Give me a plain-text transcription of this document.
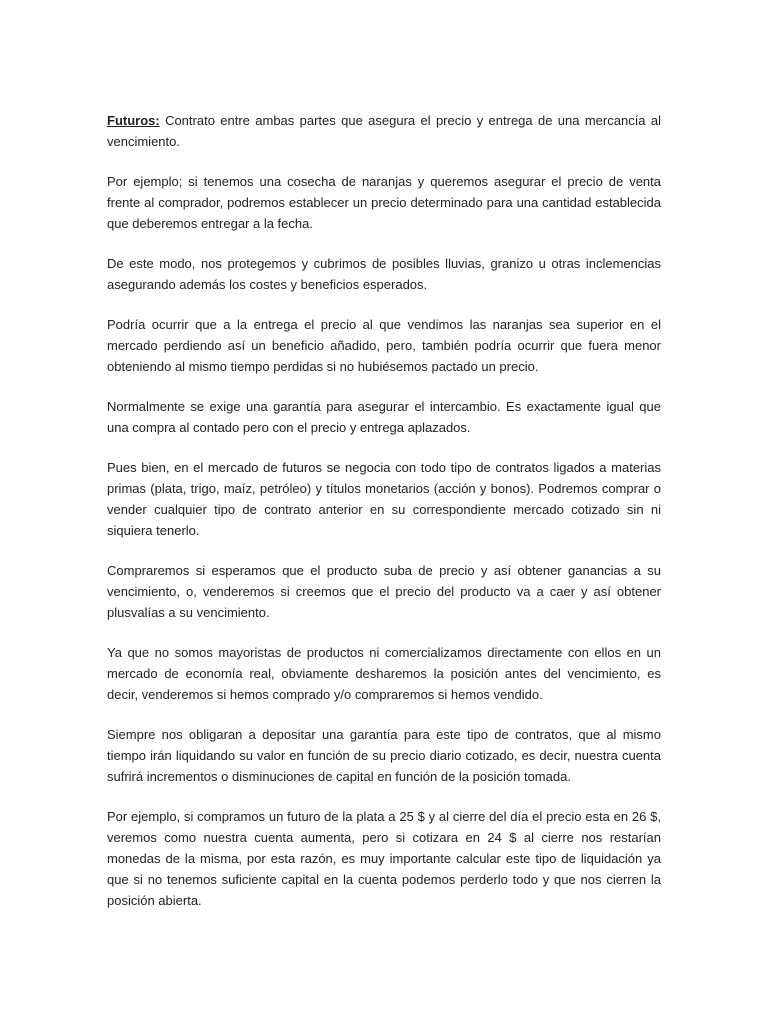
Futuros: Contrato entre ambas partes que asegura el precio y entrega de una mercancía al vencimiento.

Por ejemplo; si tenemos una cosecha de naranjas y queremos asegurar el precio de venta frente al comprador, podremos establecer un precio determinado para una cantidad establecida que deberemos entregar a la fecha.

De este modo, nos protegemos y cubrimos de posibles lluvias, granizo u otras inclemencias asegurando además los costes y beneficios esperados.

Podría ocurrir que a la entrega el precio al que vendimos las naranjas sea superior en el mercado perdiendo así un beneficio añadido, pero, también podría ocurrir que fuera menor obteniendo al mismo tiempo perdidas si no hubiésemos pactado un precio.

Normalmente se exige una garantía para asegurar el intercambio. Es exactamente igual que una compra al contado pero con el precio y entrega aplazados.

Pues bien, en el mercado de futuros se negocia con todo tipo de contratos ligados a materias primas (plata, trigo, maíz, petróleo) y títulos monetarios (acción y bonos). Podremos comprar o vender cualquier tipo de contrato anterior en su correspondiente mercado cotizado sin ni siquiera tenerlo.

Compraremos si esperamos que el producto suba de precio y así obtener ganancias a su vencimiento, o, venderemos si creemos que el precio del producto va a caer y así obtener plusvalías a su vencimiento.

Ya que no somos mayoristas de productos ni comercializamos directamente con ellos en un mercado de economía real, obviamente desharemos la posición antes del vencimiento, es decir, venderemos si hemos comprado y/o compraremos si hemos vendido.

Siempre nos obligaran a depositar una garantía para este tipo de contratos, que al mismo tiempo irán liquidando su valor en función de su precio diario cotizado, es decir, nuestra cuenta sufrirá incrementos o disminuciones de capital en función de la posición tomada.

Por ejemplo, si compramos un futuro de la plata a 25 $ y al cierre del día el precio esta en 26 $, veremos como nuestra cuenta aumenta, pero si cotizara en 24 $ al cierre nos restarían monedas de la misma, por esta razón, es muy importante calcular este tipo de liquidación ya que si no tenemos suficiente capital en la cuenta podemos perderlo todo y que nos cierren la posición abierta.
